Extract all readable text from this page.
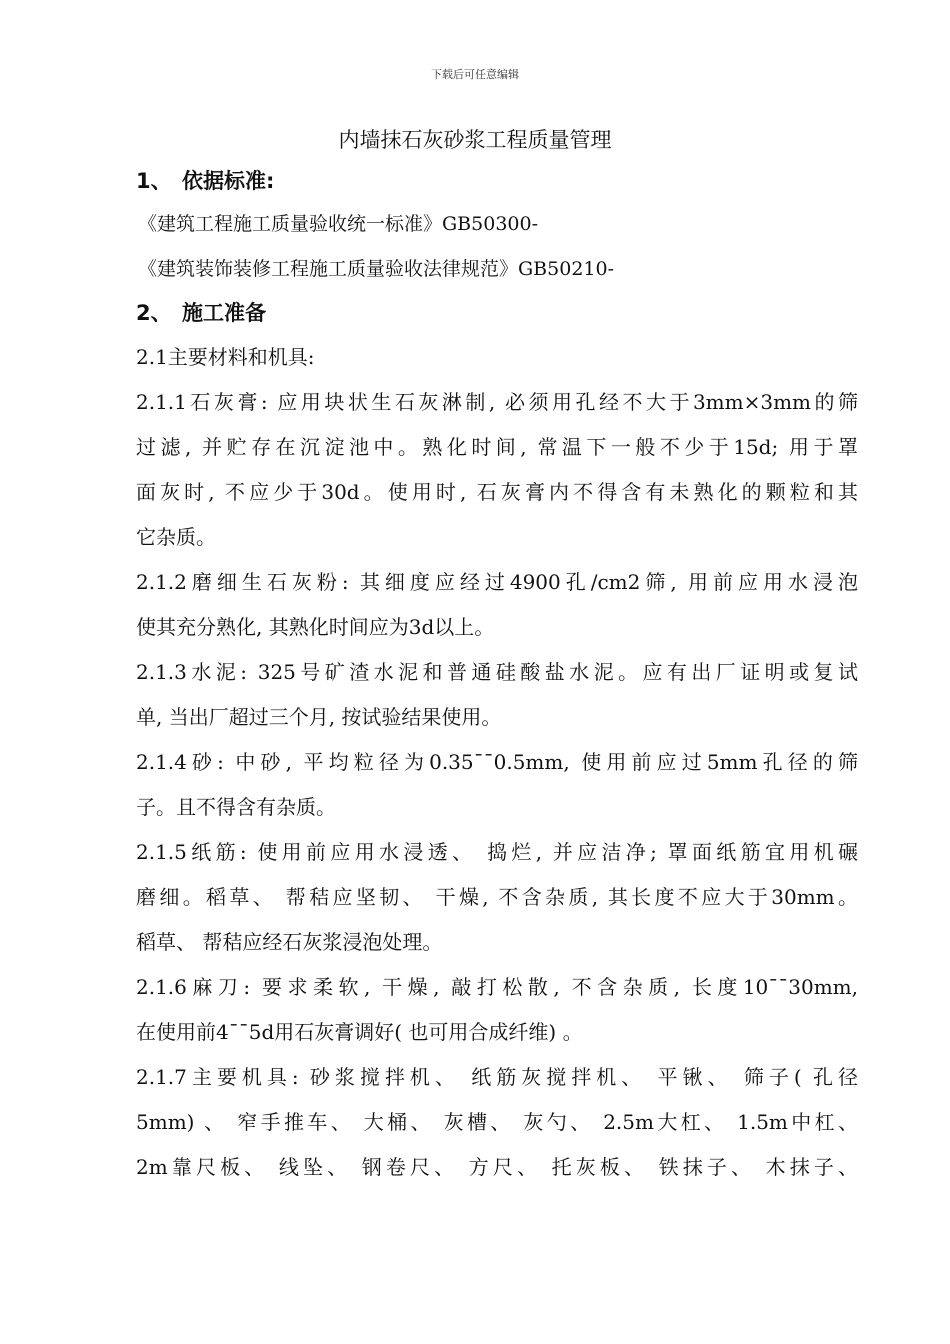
下载后可任意编辑
内墙抹石灰砂浆工程质量管理
1、 依据标准:
《建筑工程施工质量验收统一标准》GB50300-
《建筑装饰装修工程施工质量验收法律规范》GB50210-
2、 施工准备
2.1主要材料和机具:
2.1.1石灰膏: 应用块状生石灰淋制, 必须用孔经不大于3mm×3mm的筛
过滤, 并贮存在沉淀池中。熟化时间, 常温下一般不少于15d; 用于罩
面灰时, 不应少于30d。使用时, 石灰膏内不得含有未熟化的颗粒和其
它杂质。
2.1.2磨细生石灰粉: 其细度应经过4900孔/cm2筛, 用前应用水浸泡
使其充分熟化, 其熟化时间应为3d以上。
2.1.3水泥: 325号矿渣水泥和普通硅酸盐水泥。应有出厂证明或复试
单, 当出厂超过三个月, 按试验结果使用。
2.1.4砂: 中砂, 平均粒径为0.35¯¯0.5mm, 使用前应过5mm孔径的筛
子。且不得含有杂质。
2.1.5纸筋: 使用前应用水浸透、 捣烂, 并应洁净; 罩面纸筋宜用机碾
磨细。稻草、 帮秸应坚韧、 干燥, 不含杂质, 其长度不应大于30mm。
稻草、 帮秸应经石灰浆浸泡处理。
2.1.6麻刀: 要求柔软, 干燥, 敲打松散, 不含杂质, 长度10¯¯30mm,
在使用前4¯¯5d用石灰膏调好( 也可用合成纤维) 。
2.1.7主要机具: 砂浆搅拌机、 纸筋灰搅拌机、 平锹、 筛子( 孔径
5mm) 、 窄手推车、 大桶、 灰槽、 灰勺、 2.5m大杠、 1.5m中杠、
2m靠尺板、 线坠、 钢卷尺、 方尺、 托灰板、 铁抹子、 木抹子、
